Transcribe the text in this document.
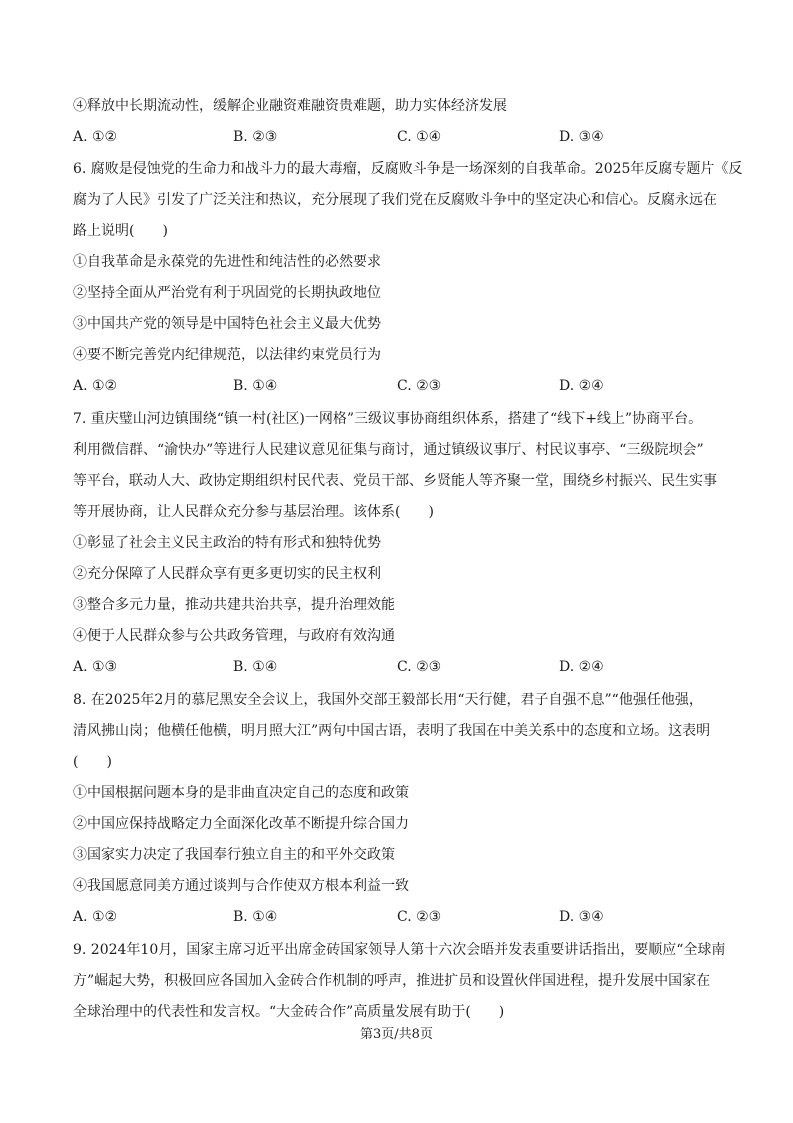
④释放中长期流动性，缓解企业融资难融资贵难题，助力实体经济发展
A. ①②	B. ②③	C. ①④	D. ③④
6. 腐败是侵蚀党的生命力和战斗力的最大毒瘤，反腐败斗争是一场深刻的自我革命。2025年反腐专题片《反
腐为了人民》引发了广泛关注和热议，充分展现了我们党在反腐败斗争中的坚定决心和信心。反腐永远在
路上说明(　　)
①自我革命是永葆党的先进性和纯洁性的必然要求
②坚持全面从严治党有利于巩固党的长期执政地位
③中国共产党的领导是中国特色社会主义最大优势
④要不断完善党内纪律规范，以法律约束党员行为
A. ①②	B. ①④	C. ②③	D. ②④
7. 重庆璧山河边镇围绕“镇一村(社区)一网格”三级议事协商组织体系，搭建了“线下+线上”协商平台。
利用微信群、“渝快办”等进行人民建议意见征集与商讨，通过镇级议事厅、村民议事亭、“三级院坝会”
等平台，联动人大、政协定期组织村民代表、党员干部、乡贤能人等齐聚一堂，围绕乡村振兴、民生实事
等开展协商，让人民群众充分参与基层治理。该体系(　　)
①彰显了社会主义民主政治的特有形式和独特优势
②充分保障了人民群众享有更多更切实的民主权利
③整合多元力量，推动共建共治共享，提升治理效能
④便于人民群众参与公共政务管理，与政府有效沟通
A. ①③	B. ①④	C. ②③	D. ②④
8. 在2025年2月的慕尼黑安全会议上，我国外交部王毅部长用“天行健，君子自强不息”“他强任他强，
清风拂山岗；他横任他横，明月照大江”两句中国古语，表明了我国在中美关系中的态度和立场。这表明
(　　)
①中国根据问题本身的是非曲直决定自己的态度和政策
②中国应保持战略定力全面深化改革不断提升综合国力
③国家实力决定了我国奉行独立自主的和平外交政策
④我国愿意同美方通过谈判与合作使双方根本利益一致
A. ①②	B. ①④	C. ②③	D. ③④
9. 2024年10月，国家主席习近平出席金砖国家领导人第十六次会晤并发表重要讲话指出，要顺应“全球南
方”崛起大势，积极回应各国加入金砖合作机制的呼声，推进扩员和设置伙伴国进程，提升发展中国家在
全球治理中的代表性和发言权。“大金砖合作”高质量发展有助于(　　)
第3页/共8页
